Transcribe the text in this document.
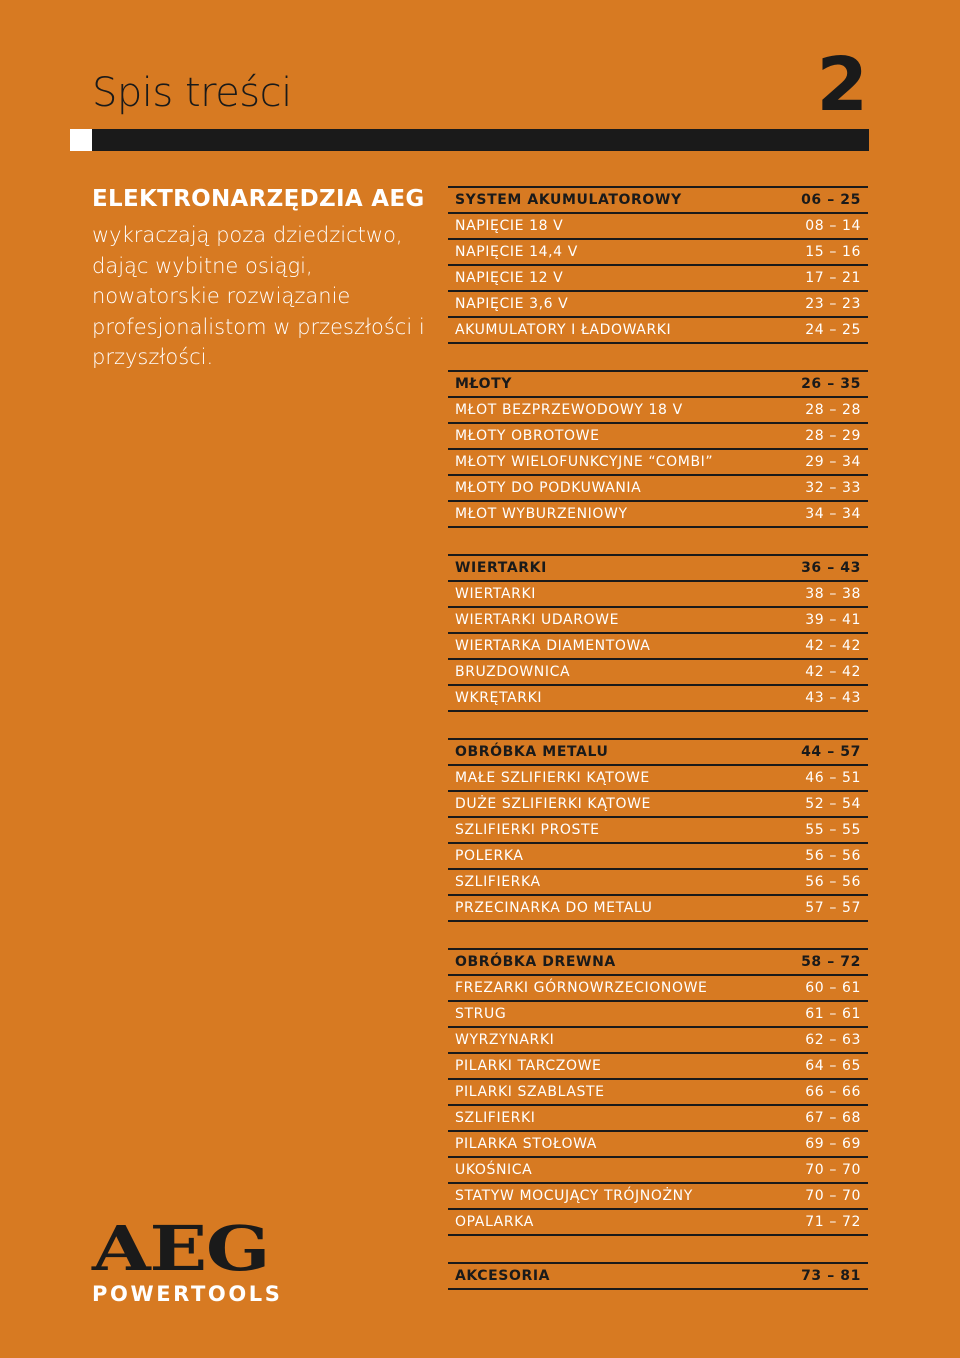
Spis treści	2
ELEKTRONARZĘDZIA AEG
wykraczają poza dziedzictwo, dając wybitne osiągi, nowatorskie rozwiązanie profesjonalistom w przeszłości i przyszłości.
SYSTEM AKUMULATOROWY	06 – 25
NAPIĘCIE 18 V	08 – 14
NAPIĘCIE 14,4 V	15 – 16
NAPIĘCIE 12 V	17 – 21
NAPIĘCIE 3,6 V	23 – 23
AKUMULATORY I ŁADOWARKI	24 – 25
MŁOTY	26 – 35
MŁOT BEZPRZEWODOWY 18 V	28 – 28
MŁOTY OBROTOWE	28 – 29
MŁOTY WIELOFUNKCYJNE “COMBI”	29 – 34
MŁOTY DO PODKUWANIA	32 – 33
MŁOT WYBURZENIOWY	34 – 34
WIERTARKI	36 – 43
WIERTARKI	38 – 38
WIERTARKI UDAROWE	39 – 41
WIERTARKA DIAMENTOWA	42 – 42
BRUZDOWNICA	42 – 42
WKRĘTARKI	43 – 43
OBRÓBKA METALU	44 – 57
MAŁE SZLIFIERKI KĄTOWE	46 – 51
DUŻE SZLIFIERKI KĄTOWE	52 – 54
SZLIFIERKI PROSTE	55 – 55
POLERKA	56 – 56
SZLIFIERKA	56 – 56
PRZECINARKA DO METALU	57 – 57
OBRÓBKA DREWNA	58 – 72
FREZARKI GÓRNOWRZECIONOWE	60 – 61
STRUG	61 – 61
WYRZYNARKI	62 – 63
PILARKI TARCZOWE	64 – 65
PILARKI SZABLASTE	66 – 66
SZLIFIERKI	67 – 68
PILARKA STOŁOWA	69 – 69
UKOŚNICA	70 – 70
STATYW MOCUJĄCY TRÓJNOŻNY	70 – 70
OPALARKA	71 – 72
AKCESORIA	73 – 81
AEG
POWERTOOLS
